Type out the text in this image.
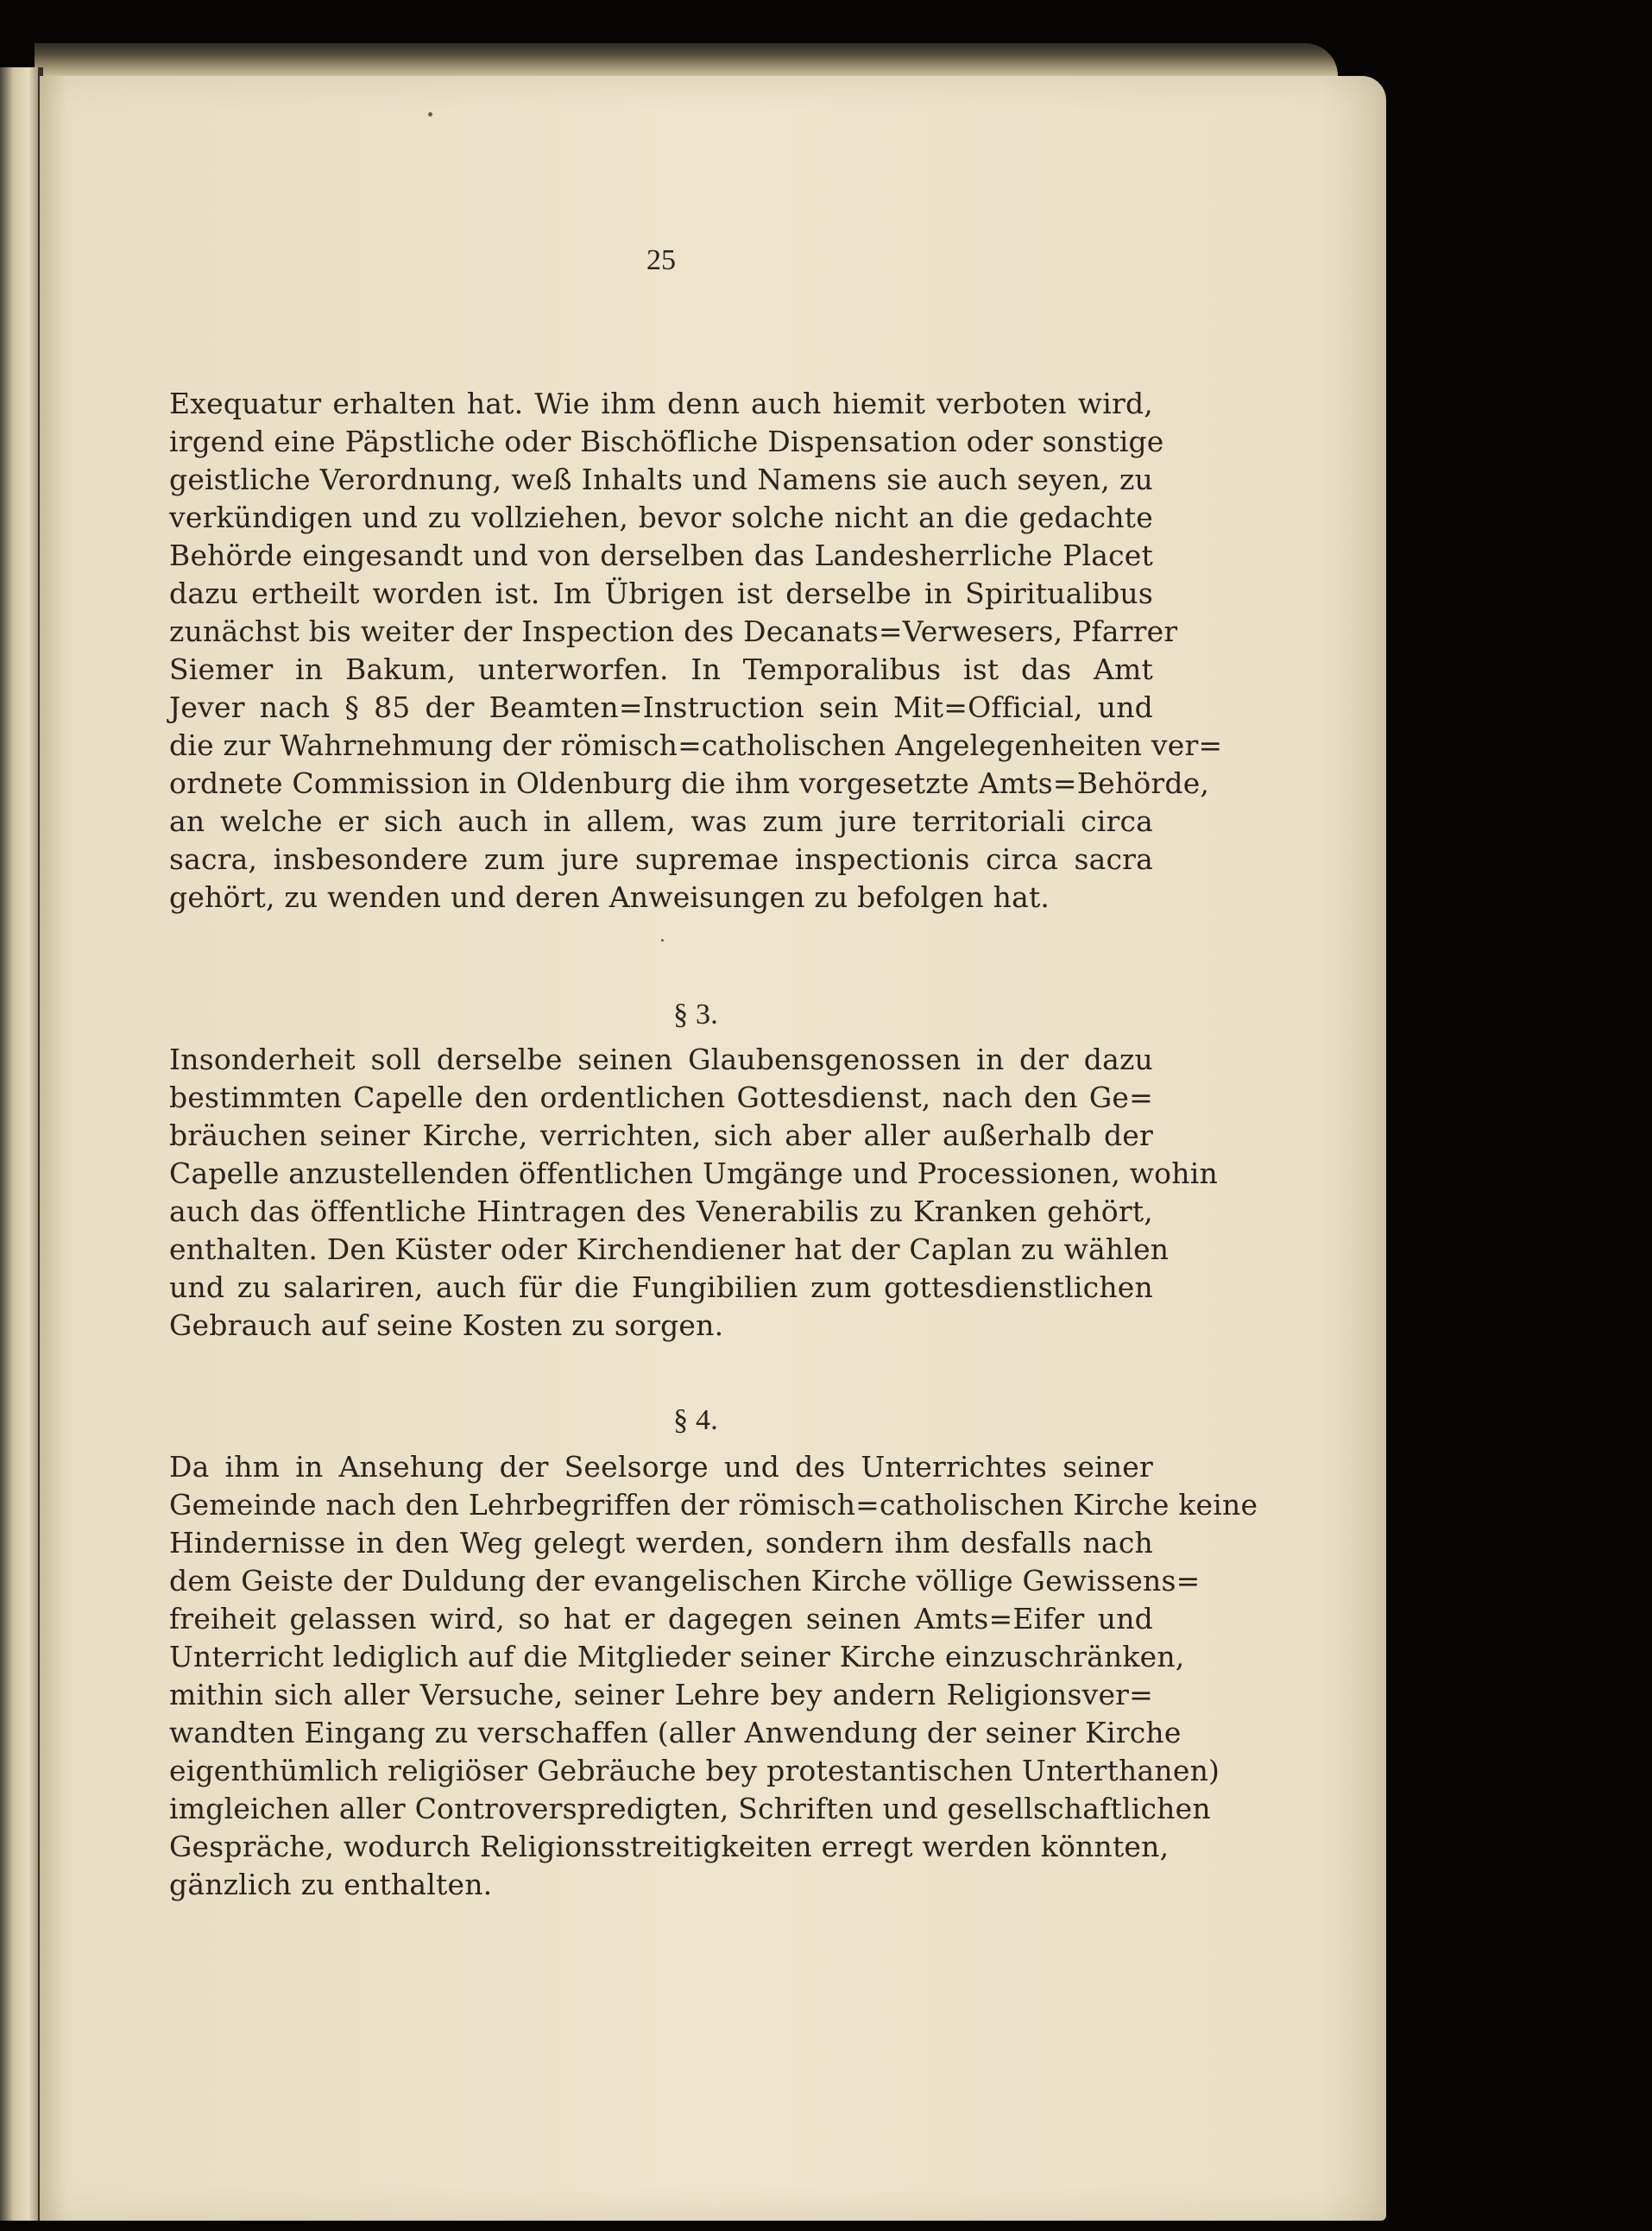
25
Exequatur erhalten hat. Wie ihm denn auch hiemit verboten wird,
irgend eine Päpstliche oder Bischöfliche Dispensation oder sonstige
geistliche Verordnung, weß Inhalts und Namens sie auch seyen, zu
verkündigen und zu vollziehen, bevor solche nicht an die gedachte
Behörde eingesandt und von derselben das Landesherrliche Placet
dazu ertheilt worden ist. Im Übrigen ist derselbe in Spiritualibus
zunächst bis weiter der Inspection des Decanats=Verwesers, Pfarrer
Siemer in Bakum, unterworfen. In Temporalibus ist das Amt
Jever nach § 85 der Beamten=Instruction sein Mit=Official, und
die zur Wahrnehmung der römisch=catholischen Angelegenheiten ver=
ordnete Commission in Oldenburg die ihm vorgesetzte Amts=Behörde,
an welche er sich auch in allem, was zum jure territoriali circa
sacra, insbesondere zum jure supremae inspectionis circa sacra
gehört, zu wenden und deren Anweisungen zu befolgen hat.
§ 3.
Insonderheit soll derselbe seinen Glaubensgenossen in der dazu
bestimmten Capelle den ordentlichen Gottesdienst, nach den Ge=
bräuchen seiner Kirche, verrichten, sich aber aller außerhalb der
Capelle anzustellenden öffentlichen Umgänge und Processionen, wohin
auch das öffentliche Hintragen des Venerabilis zu Kranken gehört,
enthalten. Den Küster oder Kirchendiener hat der Caplan zu wählen
und zu salariren, auch für die Fungibilien zum gottesdienstlichen
Gebrauch auf seine Kosten zu sorgen.
§ 4.
Da ihm in Ansehung der Seelsorge und des Unterrichtes seiner
Gemeinde nach den Lehrbegriffen der römisch=catholischen Kirche keine
Hindernisse in den Weg gelegt werden, sondern ihm desfalls nach
dem Geiste der Duldung der evangelischen Kirche völlige Gewissens=
freiheit gelassen wird, so hat er dagegen seinen Amts=Eifer und
Unterricht lediglich auf die Mitglieder seiner Kirche einzuschränken,
mithin sich aller Versuche, seiner Lehre bey andern Religionsver=
wandten Eingang zu verschaffen (aller Anwendung der seiner Kirche
eigenthümlich religiöser Gebräuche bey protestantischen Unterthanen)
imgleichen aller Controverspredigten, Schriften und gesellschaftlichen
Gespräche, wodurch Religionsstreitigkeiten erregt werden könnten,
gänzlich zu enthalten.
